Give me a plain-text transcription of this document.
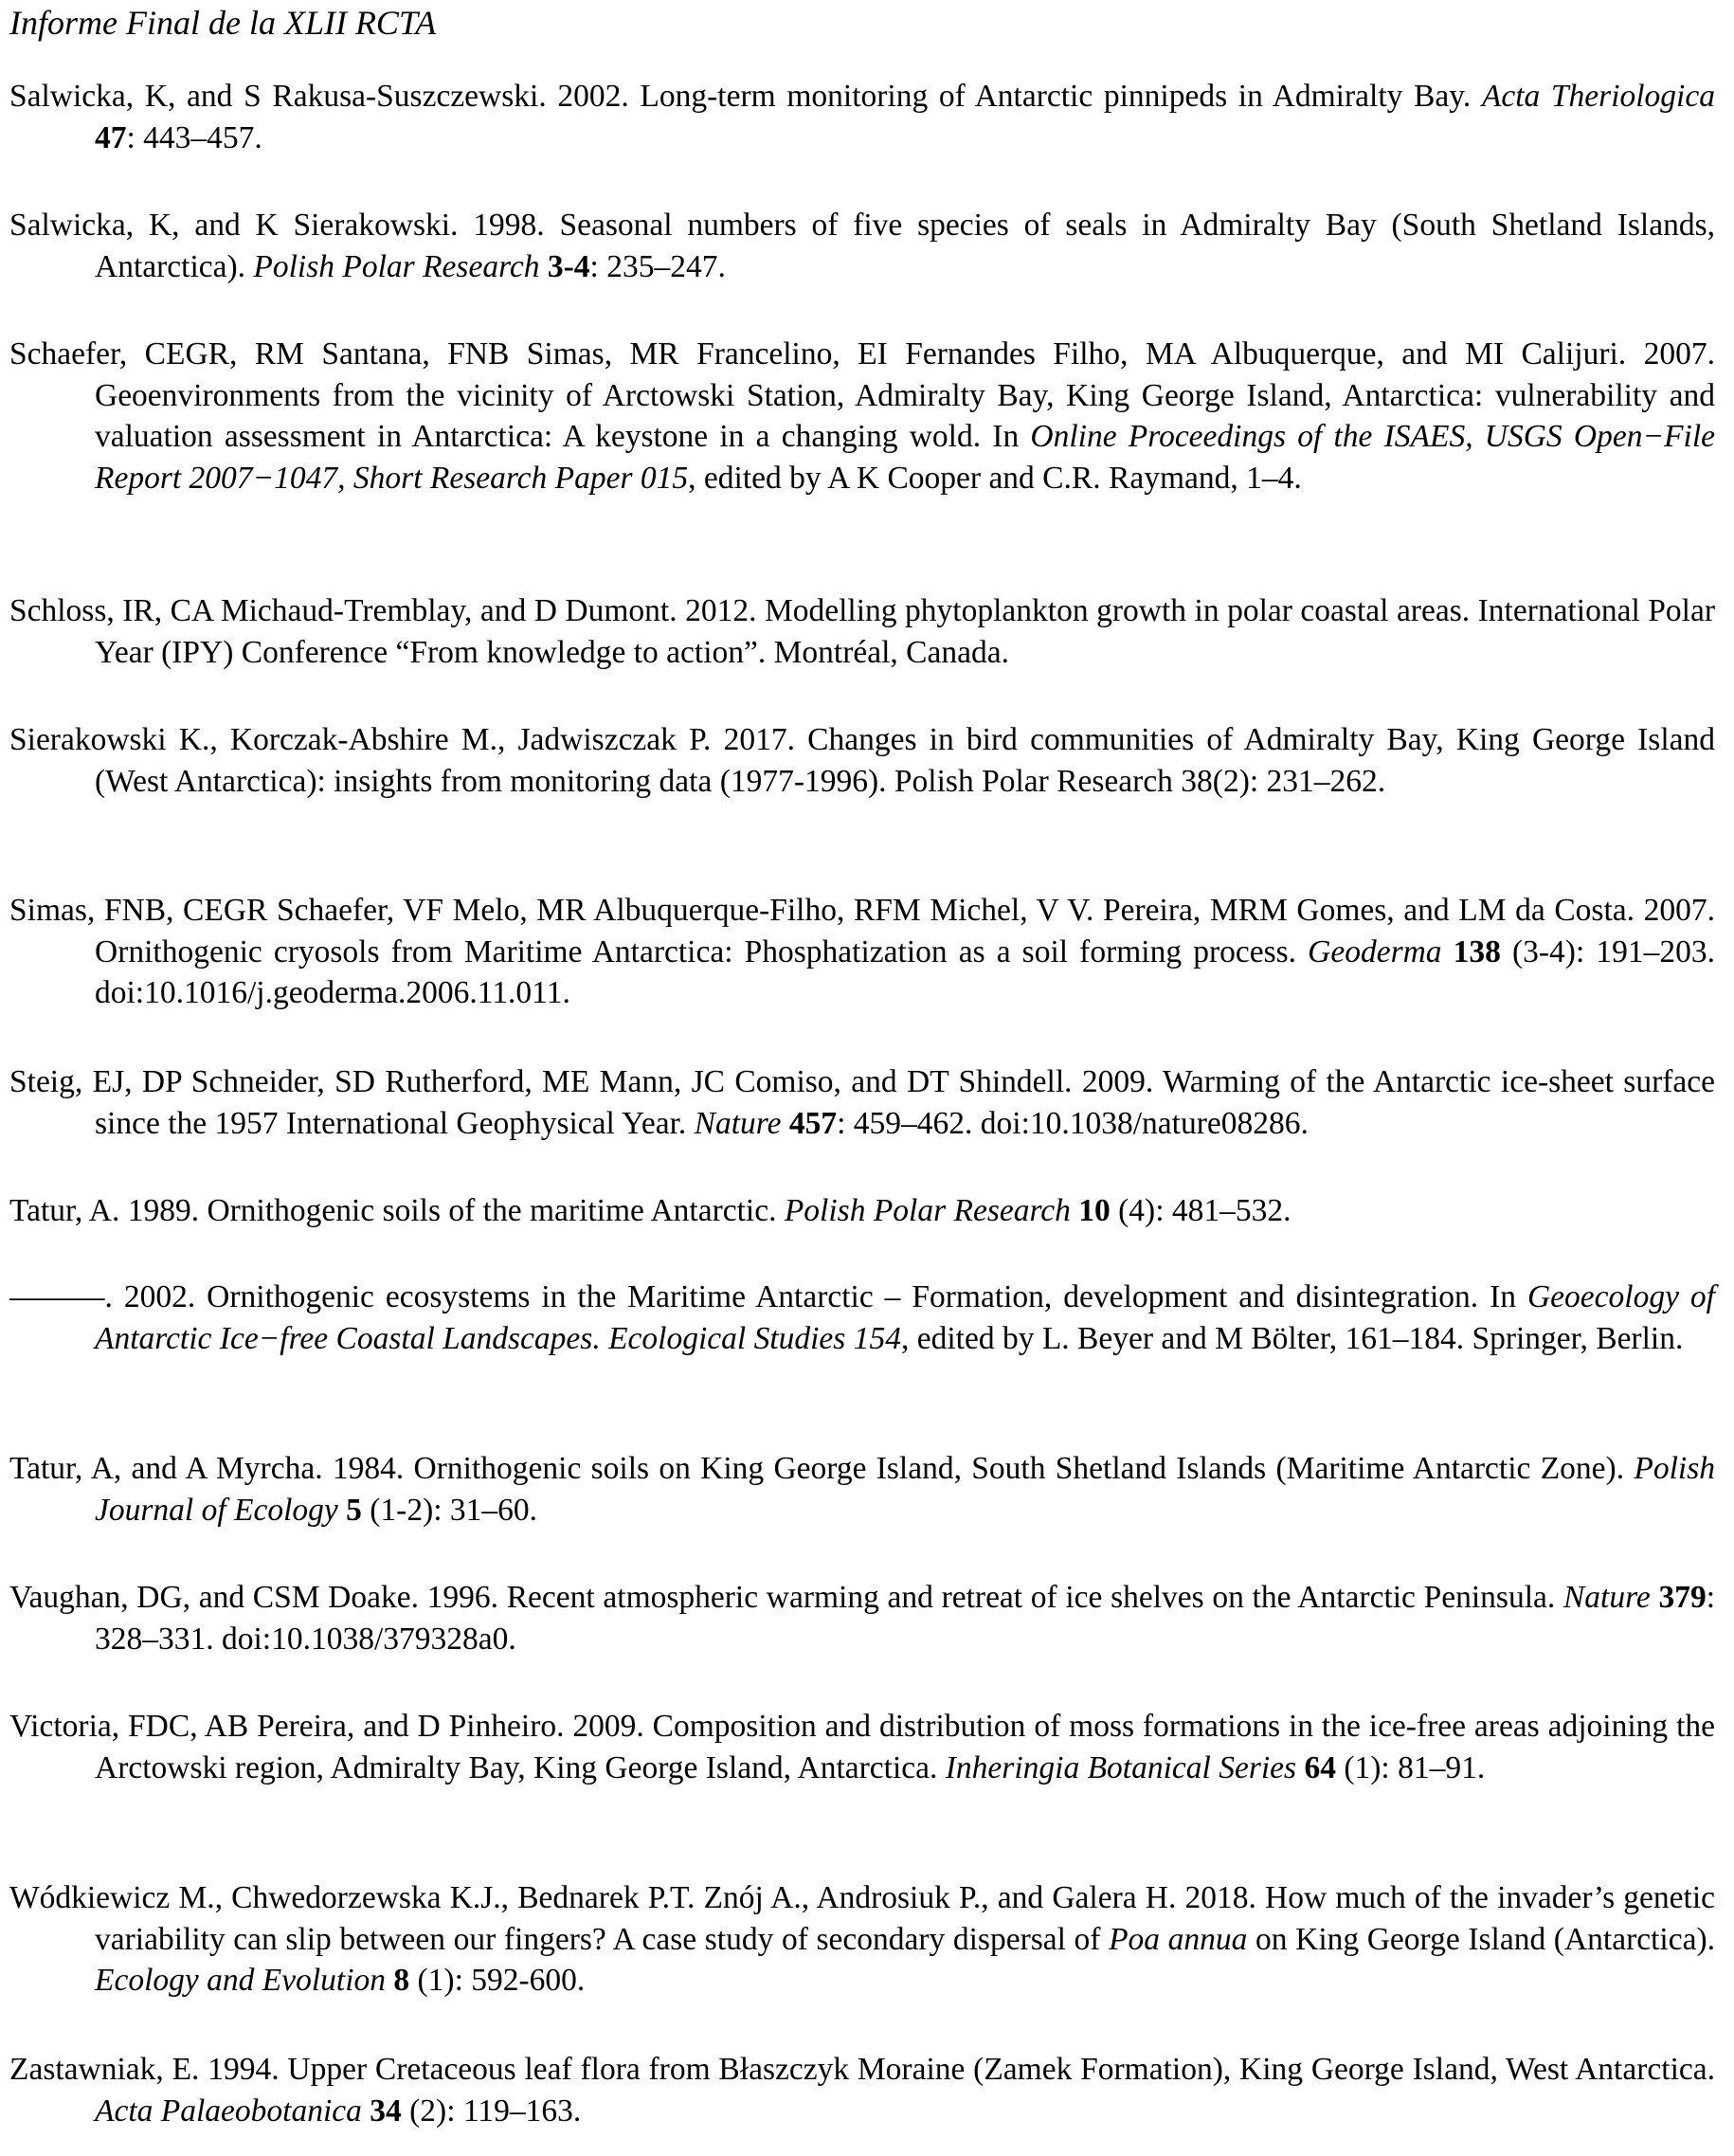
Informe Final de la XLII RCTA
Salwicka, K, and S Rakusa-Suszczewski. 2002. Long-term monitoring of Antarctic pinnipeds in Admiralty Bay. Acta Theriologica 47: 443–457.
Salwicka, K, and K Sierakowski. 1998. Seasonal numbers of five species of seals in Admiralty Bay (South Shetland Islands, Antarctica). Polish Polar Research 3-4: 235–247.
Schaefer, CEGR, RM Santana, FNB Simas, MR Francelino, EI Fernandes Filho, MA Albuquerque, and MI Calijuri. 2007. Geoenvironments from the vicinity of Arctowski Station, Admiralty Bay, King George Island, Antarctica: vulnerability and valuation assessment in Antarctica: A keystone in a changing wold. In Online Proceedings of the ISAES, USGS Open−File Report 2007−1047, Short Research Paper 015, edited by A K Cooper and C.R. Raymand, 1–4.
Schloss, IR, CA Michaud-Tremblay, and D Dumont. 2012. Modelling phytoplankton growth in polar coastal areas. International Polar Year (IPY) Conference “From knowledge to action”. Montréal, Canada.
Sierakowski K., Korczak-Abshire M., Jadwiszczak P. 2017. Changes in bird communities of Admiralty Bay, King George Island (West Antarctica): insights from monitoring data (1977-1996). Polish Polar Research 38(2): 231–262.
Simas, FNB, CEGR Schaefer, VF Melo, MR Albuquerque-Filho, RFM Michel, V V. Pereira, MRM Gomes, and LM da Costa. 2007. Ornithogenic cryosols from Maritime Antarctica: Phosphatization as a soil forming process. Geoderma 138 (3-4): 191–203. doi:10.1016/j.geoderma.2006.11.011.
Steig, EJ, DP Schneider, SD Rutherford, ME Mann, JC Comiso, and DT Shindell. 2009. Warming of the Antarctic ice-sheet surface since the 1957 International Geophysical Year. Nature 457: 459–462. doi:10.1038/nature08286.
Tatur, A. 1989. Ornithogenic soils of the maritime Antarctic. Polish Polar Research 10 (4): 481–532.
———. 2002. Ornithogenic ecosystems in the Maritime Antarctic – Formation, development and disintegration. In Geoecology of Antarctic Ice−free Coastal Landscapes. Ecological Studies 154, edited by L. Beyer and M Bölter, 161–184. Springer, Berlin.
Tatur, A, and A Myrcha. 1984. Ornithogenic soils on King George Island, South Shetland Islands (Maritime Antarctic Zone). Polish Journal of Ecology 5 (1-2): 31–60.
Vaughan, DG, and CSM Doake. 1996. Recent atmospheric warming and retreat of ice shelves on the Antarctic Peninsula. Nature 379: 328–331. doi:10.1038/379328a0.
Victoria, FDC, AB Pereira, and D Pinheiro. 2009. Composition and distribution of moss formations in the ice-free areas adjoining the Arctowski region, Admiralty Bay, King George Island, Antarctica. Inheringia Botanical Series 64 (1): 81–91.
Wódkiewicz M., Chwedorzewska K.J., Bednarek P.T. Znój A., Androsiuk P., and Galera H. 2018. How much of the invader’s genetic variability can slip between our fingers? A case study of secondary dispersal of Poa annua on King George Island (Antarctica). Ecology and Evolution 8 (1): 592-600.
Zastawniak, E. 1994. Upper Cretaceous leaf flora from Błaszczyk Moraine (Zamek Formation), King George Island, West Antarctica. Acta Palaeobotanica 34 (2): 119–163.
